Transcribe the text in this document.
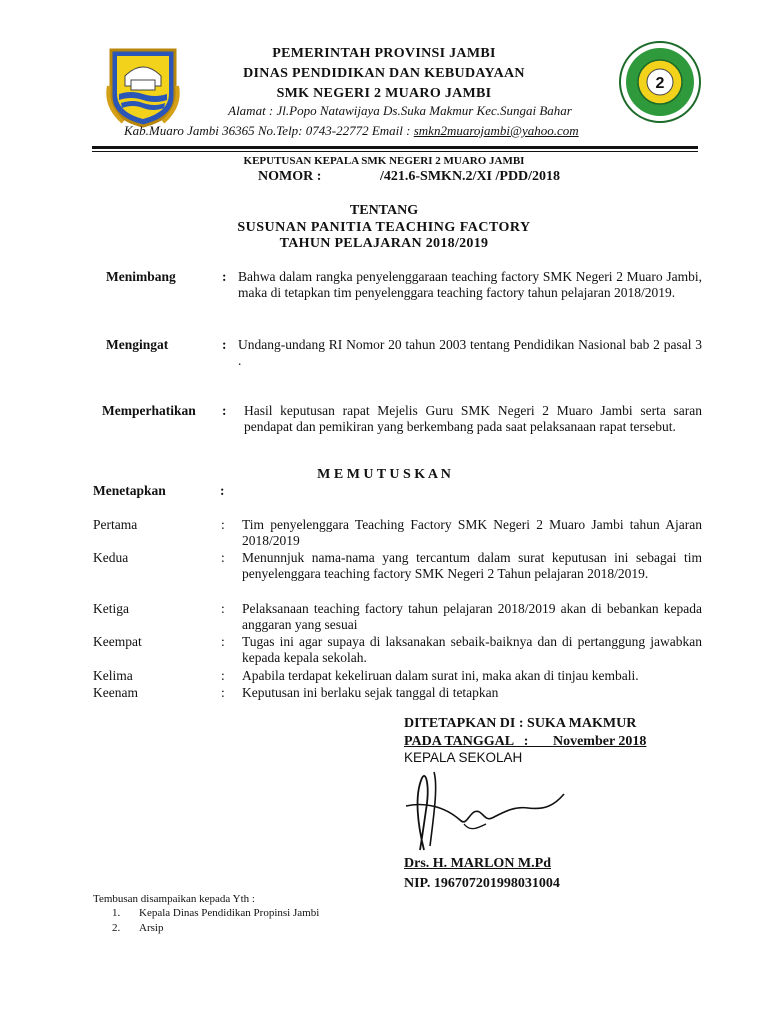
2
PEMERINTAH PROVINSI JAMBI
DINAS PENDIDIKAN DAN KEBUDAYAAN
SMK NEGERI 2 MUARO JAMBI
Alamat : Jl.Popo Natawijaya Ds.Suka Makmur Kec.Sungai Bahar
Kab.Muaro Jambi 36365 No.Telp: 0743-22772 Email : smkn2muarojambi@yahoo.com
KEPUTUSAN KEPALA SMK NEGERI 2 MUARO JAMBI
NOMOR :	/421.6-SMKN.2/XI /PDD/2018
TENTANG
SUSUNAN PANITIA TEACHING FACTORY
TAHUN PELAJARAN 2018/2019
Menimbang	: Bahwa dalam rangka penyelenggaraan teaching factory SMK Negeri 2 Muaro Jambi, maka di tetapkan tim penyelenggara teaching factory tahun pelajaran 2018/2019.
Mengingat	: Undang-undang RI Nomor 20 tahun 2003 tentang Pendidikan Nasional bab 2 pasal 3 .
Memperhatikan : Hasil keputusan rapat Mejelis Guru SMK Negeri 2 Muaro Jambi serta saran pendapat dan pemikiran yang berkembang pada saat pelaksanaan rapat tersebut.
M E M U T U S K A N
Menetapkan	:
Pertama	: Tim penyelenggara Teaching Factory SMK Negeri 2 Muaro Jambi tahun Ajaran 2018/2019
Kedua	: Menunnjuk nama-nama yang tercantum dalam surat keputusan ini sebagai tim penyelenggara teaching factory SMK Negeri 2 Tahun pelajaran 2018/2019.
Ketiga	: Pelaksanaan teaching factory tahun pelajaran 2018/2019 akan di bebankan kepada anggaran yang sesuai
Keempat	: Tugas ini agar supaya di laksanakan sebaik-baiknya dan di pertanggung jawabkan kepada kepala sekolah.
Kelima	: Apabila terdapat kekeliruan dalam surat ini, maka akan di tinjau kembali.
Keenam	: Keputusan ini berlaku sejak tanggal di tetapkan
DITETAPKAN DI : SUKA MAKMUR
PADA TANGGAL   :       November 2018
KEPALA SEKOLAH
Drs. H. MARLON M.Pd
NIP. 196707201998031004
Tembusan disampaikan kepada Yth :
1. Kepala Dinas Pendidikan Propinsi Jambi
2. Arsip
